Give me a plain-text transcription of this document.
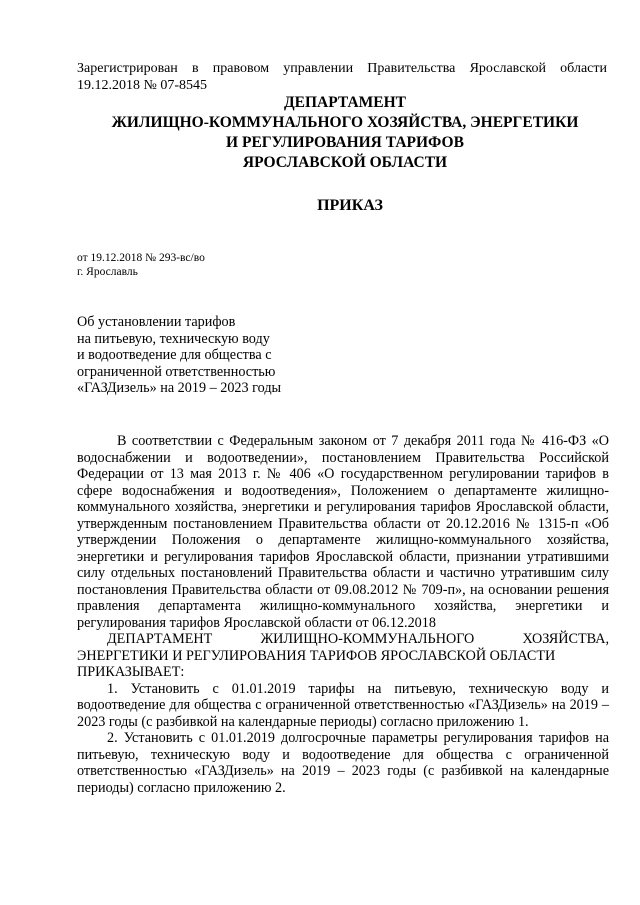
Зарегистрирован в правовом управлении Правительства Ярославской области 19.12.2018 № 07-8545
ДЕПАРТАМЕНТ
ЖИЛИЩНО-КОММУНАЛЬНОГО ХОЗЯЙСТВА, ЭНЕРГЕТИКИ
И РЕГУЛИРОВАНИЯ ТАРИФОВ
ЯРОСЛАВСКОЙ ОБЛАСТИ
ПРИКАЗ
от 19.12.2018 № 293-вс/во
г. Ярославль
Об установлении тарифов
на питьевую, техническую воду
и водоотведение для общества с
ограниченной ответственностью
«ГАЗДизель» на 2019 – 2023 годы

В соответствии с Федеральным законом от 7 декабря 2011 года № 416-ФЗ «О водоснабжении и водоотведении», постановлением Правительства Российской Федерации от 13 мая 2013 г. № 406 «О государственном регулировании тарифов в сфере водоснабжения и водоотведения», Положением о департаменте жилищно-коммунального хозяйства, энергетики и регулирования тарифов Ярославской области, утвержденным постановлением Правительства области от 20.12.2016 № 1315-п «Об утверждении Положения о департаменте жилищно-коммунального хозяйства, энергетики и регулирования тарифов Ярославской области, признании утратившими силу отдельных постановлений Правительства области и частично утратившим силу постановления Правительства области от 09.08.2012 № 709-п», на основании решения правления департамента жилищно-коммунального хозяйства, энергетики и регулирования тарифов Ярославской области от 06.12.2018

ДЕПАРТАМЕНТ ЖИЛИЩНО-КОММУНАЛЬНОГО ХОЗЯЙСТВА,

ЭНЕРГЕТИКИ И РЕГУЛИРОВАНИЯ ТАРИФОВ ЯРОСЛАВСКОЙ ОБЛАСТИ

ПРИКАЗЫВАЕТ:

1. Установить с 01.01.2019 тарифы на питьевую, техническую воду и водоотведение для общества с ограниченной ответственностью «ГАЗДизель» на 2019 – 2023 годы (с разбивкой на календарные периоды) согласно приложению 1.

2. Установить с 01.01.2019 долгосрочные параметры регулирования тарифов на питьевую, техническую воду и водоотведение для общества с ограниченной ответственностью «ГАЗДизель» на 2019 – 2023 годы (с разбивкой на календарные периоды) согласно приложению 2.
